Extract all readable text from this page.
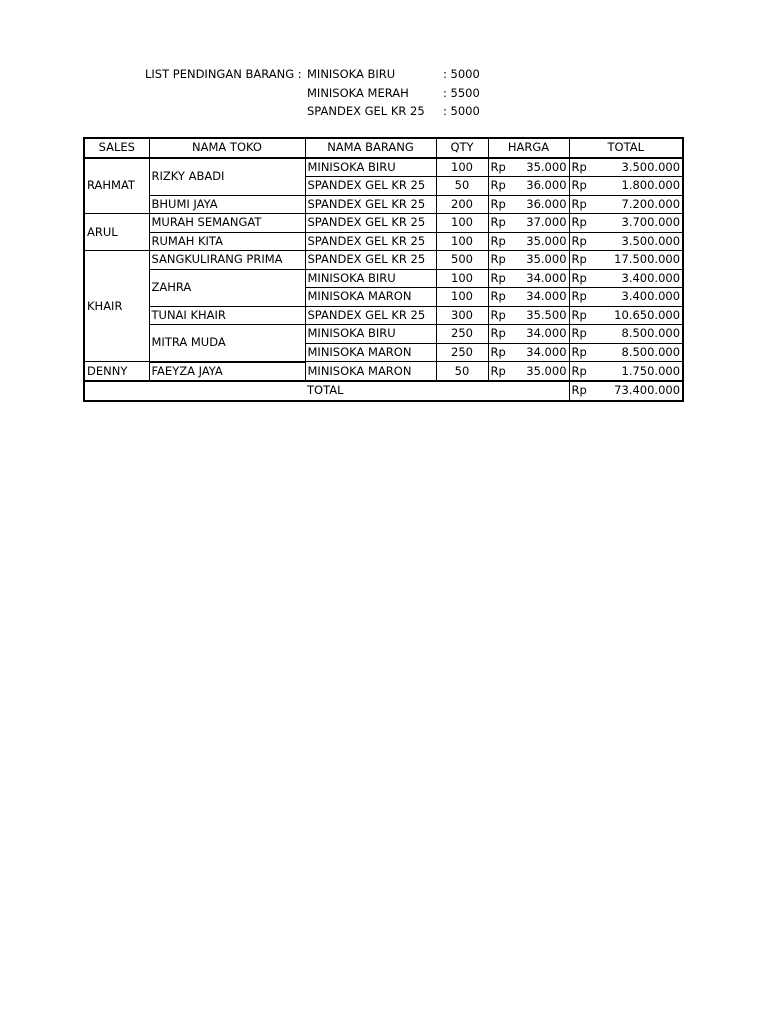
LIST PENDINGAN BARANG : MINISOKA BIRU	: 5000
MINISOKA MERAH	: 5500
SPANDEX GEL KR 25 : 5000
SALES	NAMA TOKO	NAMA BARANG	QTY	HARGA		TOTAL	
RAHMAT	RIZKY ABADI	MINISOKA BIRU	100	Rp	35.000	Rp	3.500.000
		SPANDEX GEL KR 25	50	Rp	36.000	Rp	1.800.000
	BHUMI JAYA	SPANDEX GEL KR 25	200	Rp	36.000	Rp	7.200.000
ARUL	MURAH SEMANGAT	SPANDEX GEL KR 25	100	Rp	37.000	Rp	3.700.000
	RUMAH KITA	SPANDEX GEL KR 25	100	Rp	35.000	Rp	3.500.000
KHAIR	SANGKULIRANG PRIMA	SPANDEX GEL KR 25	500	Rp	35.000	Rp	17.500.000
	ZAHRA	MINISOKA BIRU	100	Rp	34.000	Rp	3.400.000
		MINISOKA MARON	100	Rp	34.000	Rp	3.400.000
	TUNAI KHAIR	SPANDEX GEL KR 25	300	Rp	35.500	Rp	10.650.000
	MITRA MUDA	MINISOKA BIRU	250	Rp	34.000	Rp	8.500.000
		MINISOKA MARON	250	Rp	34.000	Rp	8.500.000
DENNY	FAEYZA JAYA	MINISOKA MARON	50	Rp	35.000	Rp	1.750.000
		TOTAL				Rp	73.400.000
